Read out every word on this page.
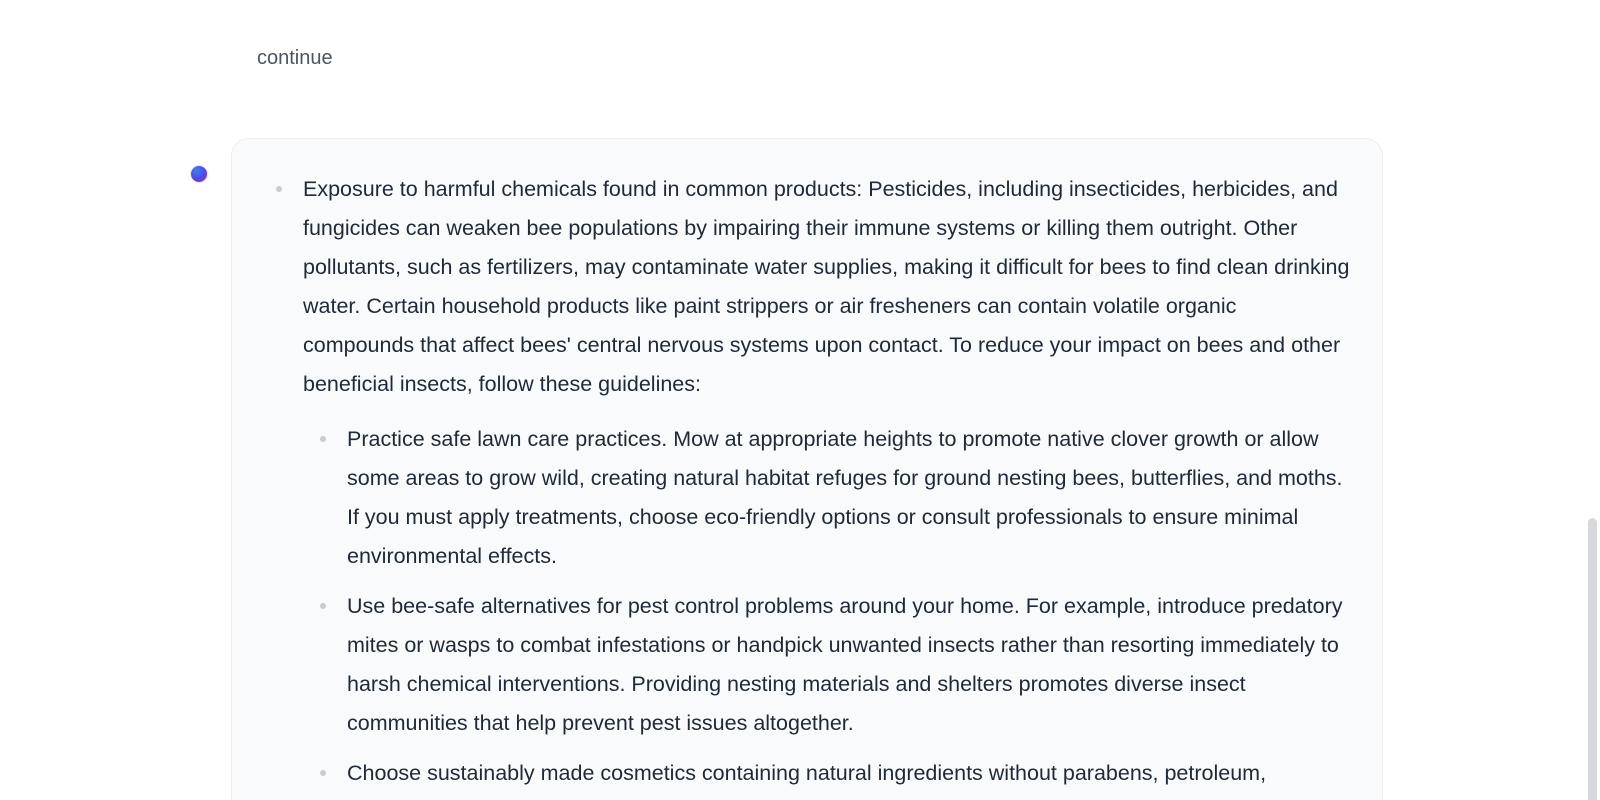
continue
Exposure to harmful chemicals found in common products: Pesticides, including insecticides, herbicides, and fungicides can weaken bee populations by impairing their immune systems or killing them outright. Other pollutants, such as fertilizers, may contaminate water supplies, making it difficult for bees to find clean drinking water. Certain household products like paint strippers or air fresheners can contain volatile organic compounds that affect bees' central nervous systems upon contact. To reduce your impact on bees and other beneficial insects, follow these guidelines:
Practice safe lawn care practices. Mow at appropriate heights to promote native clover growth or allow some areas to grow wild, creating natural habitat refuges for ground nesting bees, butterflies, and moths. If you must apply treatments, choose eco-friendly options or consult professionals to ensure minimal environmental effects.
Use bee-safe alternatives for pest control problems around your home. For example, introduce predatory mites or wasps to combat infestations or handpick unwanted insects rather than resorting immediately to harsh chemical interventions. Providing nesting materials and shelters promotes diverse insect communities that help prevent pest issues altogether.
Choose sustainably made cosmetics containing natural ingredients without parabens, petroleum,
